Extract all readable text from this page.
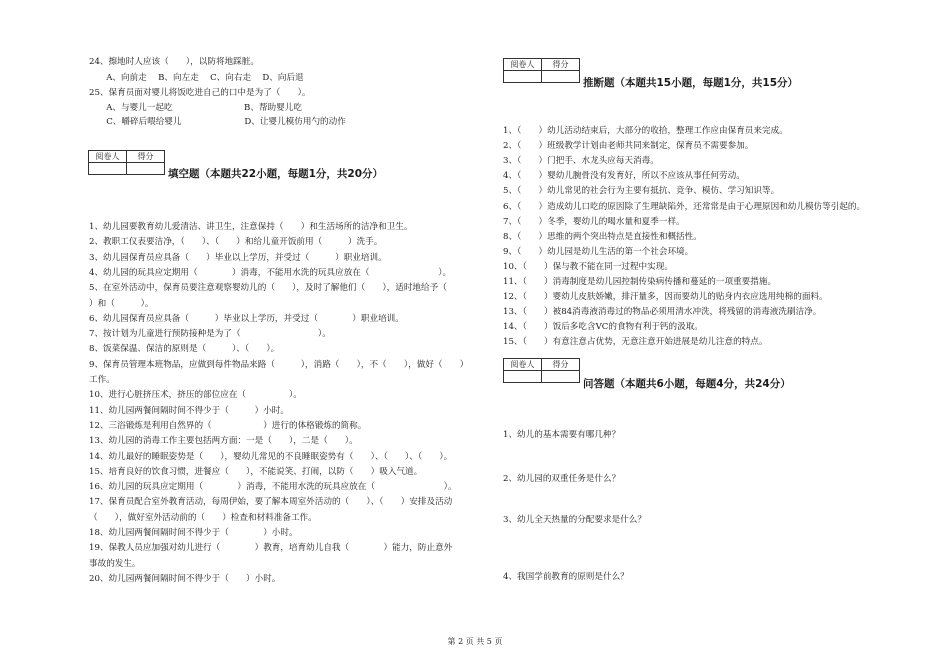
24、擦地时人应该（　　），以防将地踩脏。
　　A、向前走　 B、向左走　 C、向右走　 D、向后退
25、保育员面对婴儿将饭吃进自己的口中是为了（　　）。
　　A、与婴儿一起吃　　　　　　　　 B、帮助婴儿吃
　　C、嚼碎后喂给婴儿　　　　　　　 D、让婴儿模仿用勺的动作
阅卷人	得分

填空题（本题共22小题，每题1分，共20分）
1、幼儿园要教育幼儿爱清洁、讲卫生，注意保持（　　）和生活场所的洁净和卫生。
2、教职工仪表要洁净，（　　）、（　　）和给儿童开饭前用（　　　）洗手。
3、幼儿园保育员应具备（　　）毕业以上学历，并受过（　　　）职业培训。
4、幼儿园的玩具应定期用（　　　　）消毒，不能用水洗的玩具应放在（　　　　　　　　）。
5、在室外活动中，保育员要注意观察婴幼儿的（　　），及时了解他们（　　），适时地给予（
）和（　　　）。
6、幼儿园保育员应具备（　　　）毕业以上学历，并受过（　　　　）职业培训。
7、按计划为儿童进行预防接种是为了（　　　　　　　　　）。
8、饭菜保温、保洁的原则是（　　　）、（　　）。
9、保育员管理本班物品，应做到每件物品来路（　　　），消路（　　），不（　　），做好（　　）
工作。
10、进行心脏挤压术，挤压的部位应在（　　　　　）。
11、幼儿园两餐间隔时间不得少于（　　　）小时。
12、三浴锻炼是利用自然界的（　　　　　　）进行的体格锻炼的简称。
13、幼儿园的消毒工作主要包括两方面：一是（　　），二是（　　）。
14、幼儿最好的睡眠姿势是（　　），婴幼儿常见的不良睡眠姿势有（　　）、（　　）、（　　）。
15、培育良好的饮食习惯，进餐应（　　），不能说笑、打闹，以防（　　）吸入气道。
16、幼儿园的玩具应定期用（　　　　）消毒，不能用水洗的玩具应放在（　　　　　　　　）。
17、保育员配合室外教育活动，每周伊始，要了解本周室外活动的（　　）、（　　）安排及活动
（　　），做好室外活动前的（　　）检查和材料准备工作。
18、幼儿园两餐间隔时间不得少于（　　　　）小时。
19、保教人员应加强对幼儿进行（　　　　）教育，培育幼儿自我（　　　　）能力，防止意外
事故的发生。
20、幼儿园两餐间隔时间不得少于（　　）小时。
阅卷人	得分

推断题（本题共15小题，每题1分，共15分）
1、（　　）幼儿活动结束后，大部分的收拾，整理工作应由保育员来完成。
2、（　　）班级教学计划由老师共同来制定，保育员不需要参加。
3、（　　）门把手、水龙头应每天消毒。
4、（　　）婴幼儿腕骨没有发育好，所以不应该从事任何劳动。
5、（　　）幼儿常见的社会行为主要有抵抗、竞争、模仿、学习知识等。
6、（　　）造成幼儿口吃的原因除了生理缺陷外，还常常是由于心理原因和幼儿模仿等引起的。
7、（　　）冬季，婴幼儿的喝水量和夏季一样。
8、（　　）思维的两个突出特点是直接性和概括性。
9、（　　）幼儿园是幼儿生活的第一个社会环境。
10、（　　）保与教不能在同一过程中实现。
11、（　　）消毒制度是幼儿园控制传染病传播和蔓延的一项重要措施。
12、（　　）婴幼儿皮肤娇嫩，排汗量多，因而要幼儿的贴身内衣应选用纯棉的面料。
13、（　　）被84消毒液消毒过的物品必须用清水冲洗，将残留的消毒液洗刷洁净。
14、（　　）饭后多吃含VC的食物有利于钙的汲取。
15、（　　）有意注意占优势，无意注意开始进展是幼儿注意的特点。
阅卷人	得分

问答题（本题共6小题，每题4分，共24分）
1、幼儿的基本需要有哪几种？
2、幼儿园的双重任务是什么？
3、幼儿全天热量的分配要求是什么？
4、我国学前教育的原则是什么？
第 2 页 共 5 页
